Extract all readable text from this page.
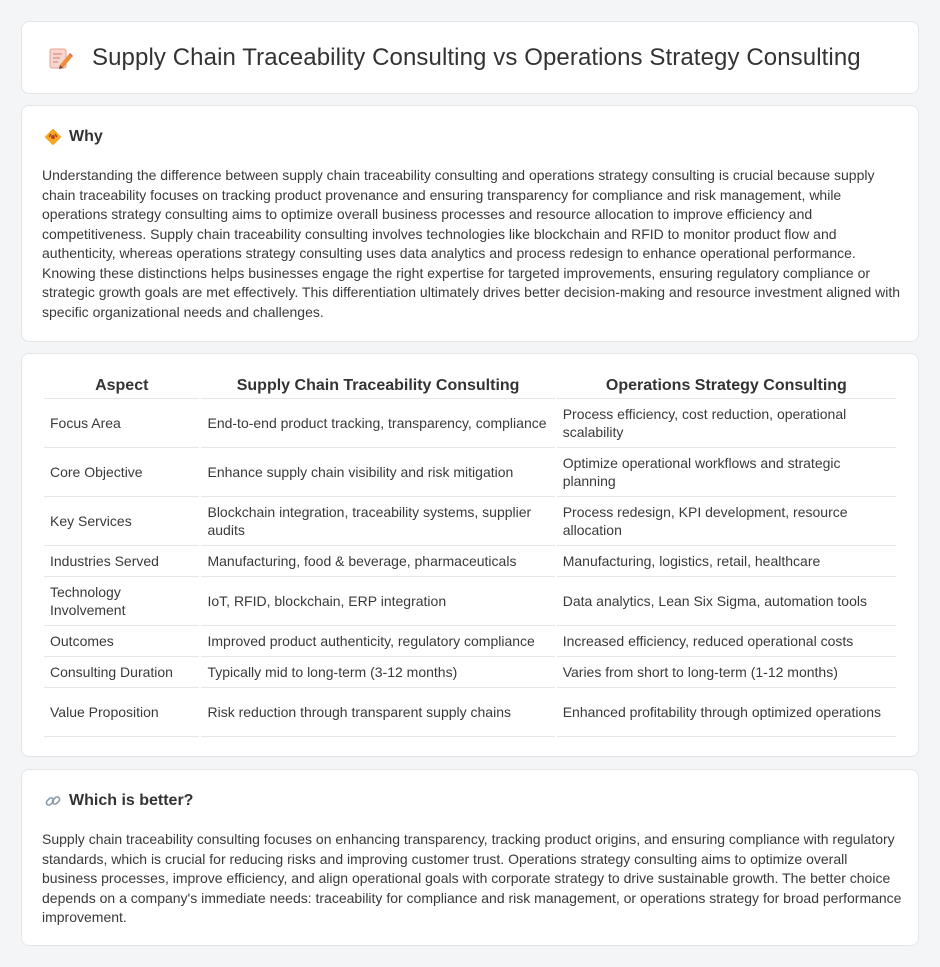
Supply Chain Traceability Consulting vs Operations Strategy Consulting
Why

Understanding the difference between supply chain traceability consulting and operations strategy consulting is crucial because supply chain traceability focuses on tracking product provenance and ensuring transparency for compliance and risk management, while operations strategy consulting aims to optimize overall business processes and resource allocation to improve efficiency and competitiveness. Supply chain traceability consulting involves technologies like blockchain and RFID to monitor product flow and authenticity, whereas operations strategy consulting uses data analytics and process redesign to enhance operational performance. Knowing these distinctions helps businesses engage the right expertise for targeted improvements, ensuring regulatory compliance or strategic growth goals are met effectively. This differentiation ultimately drives better decision-making and resource investment aligned with specific organizational needs and challenges.

Aspect	Supply Chain Traceability Consulting	Operations Strategy Consulting
Focus Area	End-to-end product tracking, transparency, compliance	Process efficiency, cost reduction, operational scalability
Core Objective	Enhance supply chain visibility and risk mitigation	Optimize operational workflows and strategic planning
Key Services	Blockchain integration, traceability systems, supplier audits	Process redesign, KPI development, resource allocation
Industries Served	Manufacturing, food & beverage, pharmaceuticals	Manufacturing, logistics, retail, healthcare
Technology Involvement	IoT, RFID, blockchain, ERP integration	Data analytics, Lean Six Sigma, automation tools
Outcomes	Improved product authenticity, regulatory compliance	Increased efficiency, reduced operational costs
Consulting Duration	Typically mid to long-term (3-12 months)	Varies from short to long-term (1-12 months)
Value Proposition	Risk reduction through transparent supply chains	Enhanced profitability through optimized operations
Which is better?

Supply chain traceability consulting focuses on enhancing transparency, tracking product origins, and ensuring compliance with regulatory standards, which is crucial for reducing risks and improving customer trust. Operations strategy consulting aims to optimize overall business processes, improve efficiency, and align operational goals with corporate strategy to drive sustainable growth. The better choice depends on a company's immediate needs: traceability for compliance and risk management, or operations strategy for broad performance improvement.
